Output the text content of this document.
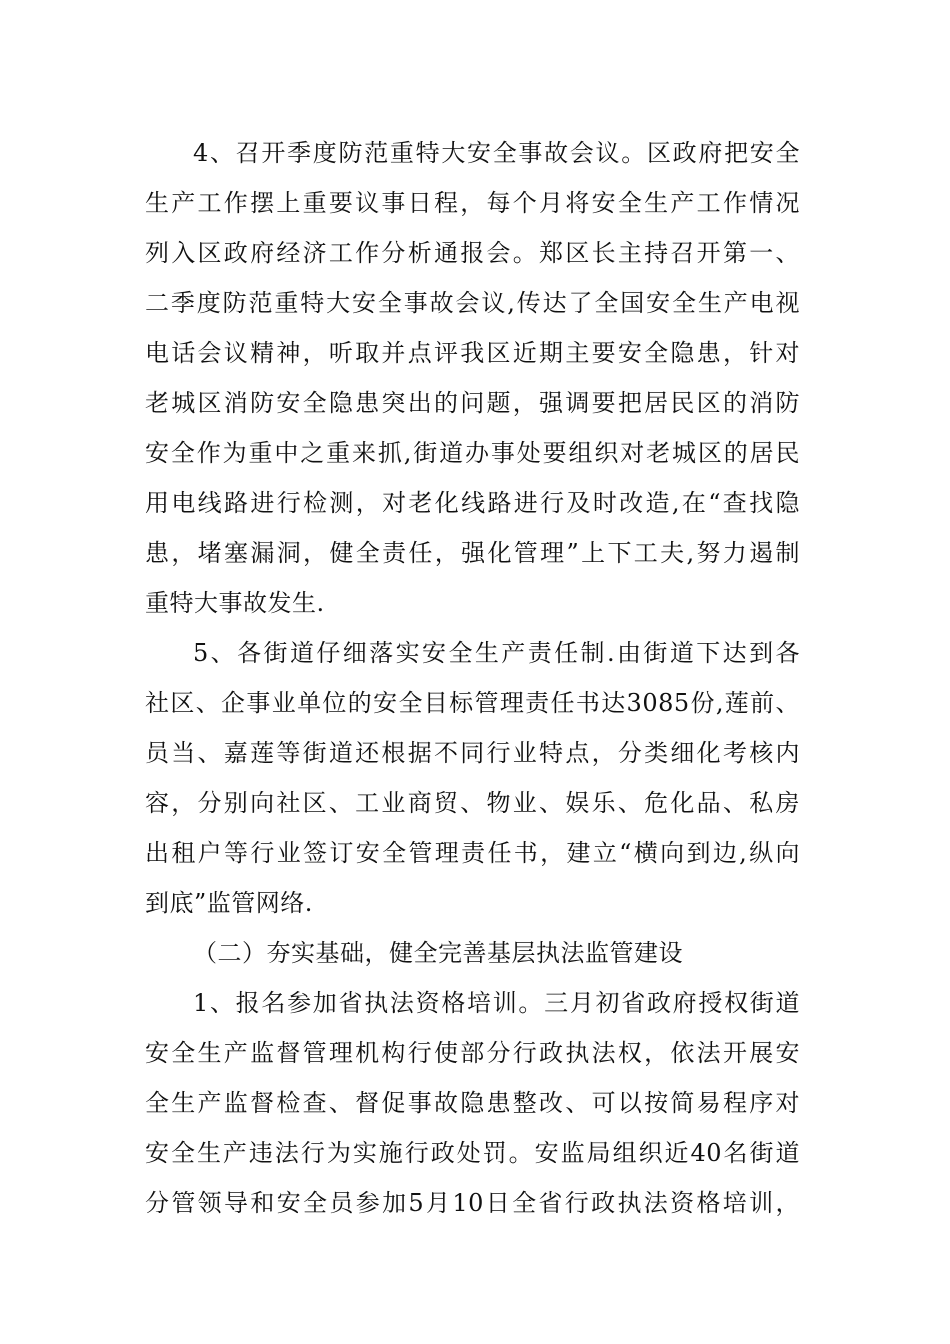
4、召开季度防范重特大安全事故会议。区政府把安全
生产工作摆上重要议事日程，每个月将安全生产工作情况
列入区政府经济工作分析通报会。郑区长主持召开第一、
二季度防范重特大安全事故会议,传达了全国安全生产电视
电话会议精神，听取并点评我区近期主要安全隐患，针对
老城区消防安全隐患突出的问题，强调要把居民区的消防
安全作为重中之重来抓,街道办事处要组织对老城区的居民
用电线路进行检测，对老化线路进行及时改造,在“查找隐
患，堵塞漏洞，健全责任，强化管理”上下工夫,努力遏制
重特大事故发生.
5、各街道仔细落实安全生产责任制.由街道下达到各
社区、企事业单位的安全目标管理责任书达3085份,莲前、
员当、嘉莲等街道还根据不同行业特点，分类细化考核内
容，分别向社区、工业商贸、物业、娱乐、危化品、私房
出租户等行业签订安全管理责任书，建立“横向到边,纵向
到底”监管网络.
（二）夯实基础，健全完善基层执法监管建设
1、报名参加省执法资格培训。三月初省政府授权街道
安全生产监督管理机构行使部分行政执法权，依法开展安
全生产监督检查、督促事故隐患整改、可以按简易程序对
安全生产违法行为实施行政处罚。安监局组织近40名街道
分管领导和安全员参加5月10日全省行政执法资格培训，
